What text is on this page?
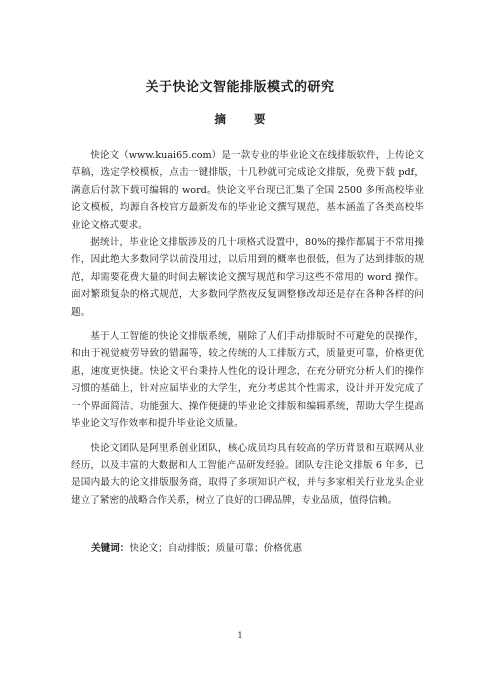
关于快论文智能排版模式的研究
摘 要

快论文（www.kuai65.com）是一款专业的毕业论文在线排版软件，上传论文草稿，选定学校模板，点击一键排版，十几秒就可完成论文排版，免费下载 pdf，满意后付款下载可编辑的 word。快论文平台现已汇集了全国 2500 多所高校毕业论文模板，均源自各校官方最新发布的毕业论文撰写规范，基本涵盖了各类高校毕业论文格式要求。

据统计，毕业论文排版涉及的几十项格式设置中，80%的操作都属于不常用操作，因此绝大多数同学以前没用过，以后用到的概率也很低，但为了达到排版的规范，却需要花费大量的时间去解读论文撰写规范和学习这些不常用的 word 操作。面对繁琐复杂的格式规范，大多数同学熬夜反复调整修改却还是存在各种各样的问题。

基于人工智能的快论文排版系统，剔除了人们手动排版时不可避免的误操作，和由于视觉疲劳导致的错漏等，较之传统的人工排版方式，质量更可靠，价格更优惠，速度更快捷。快论文平台秉持人性化的设计理念，在充分研究分析人们的操作习惯的基础上，针对应届毕业的大学生，充分考虑其个性需求，设计并开发完成了一个界面简洁、功能强大、操作便捷的毕业论文排版和编辑系统，帮助大学生提高毕业论文写作效率和提升毕业论文质量。

快论文团队是阿里系创业团队，核心成员均具有较高的学历背景和互联网从业经历，以及丰富的大数据和人工智能产品研发经验。团队专注论文排版 6 年多，已是国内最大的论文排版服务商，取得了多项知识产权，并与多家相关行业龙头企业建立了紧密的战略合作关系，树立了良好的口碑品牌，专业品质，值得信赖。

关键词：快论文；自动排版；质量可靠；价格优惠
1
